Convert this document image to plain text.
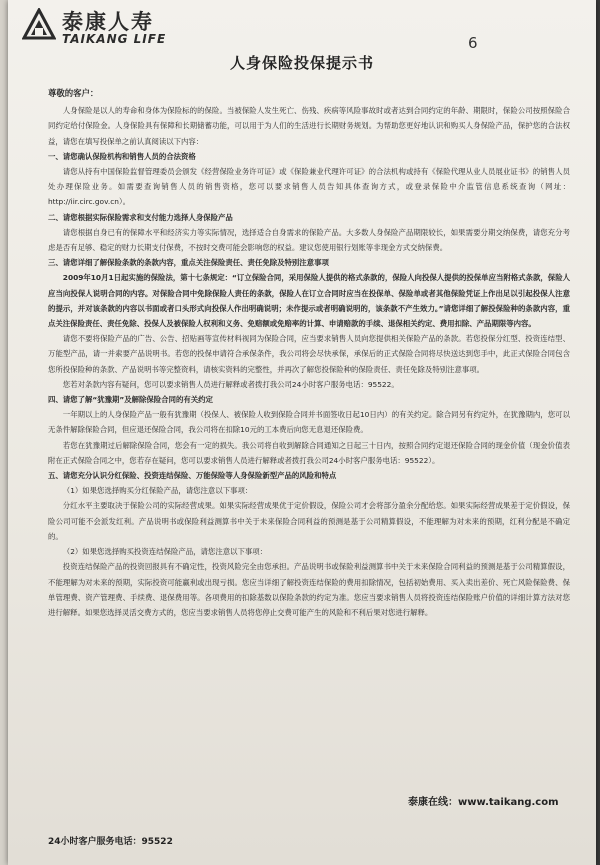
泰康人寿
TAIKANG LIFE	6
人身保险投保提示书

尊敬的客户：

人身保险是以人的寿命和身体为保险标的的保险。当被保险人发生死亡、伤残、疾病等风险事故时或者达到合同约定的年龄、期限时，保险公司按照保险合同约定给付保险金。人身保险具有保障和长期储蓄功能，可以用于为人们的生活进行长期财务规划。为帮助您更好地认识和购买人身保险产品，保护您的合法权益，请您在填写投保单之前认真阅读以下内容：

一、请您确认保险机构和销售人员的合法资格

请您从持有中国保险监督管理委员会颁发《经营保险业务许可证》或《保险兼业代理许可证》的合法机构或持有《保险代理从业人员展业证书》的销售人员处办理保险业务。如需要查询销售人员的销售资格，您可以要求销售人员告知具体查询方式，或登录保险中介监管信息系统查询（网址：http://iir.circ.gov.cn）。

二、请您根据实际保险需求和支付能力选择人身保险产品

请您根据自身已有的保障水平和经济实力等实际情况，选择适合自身需求的保险产品。大多数人身保险产品期限较长，如果需要分期交纳保费，请您充分考虑是否有足够、稳定的财力长期支付保费，不按时交费可能会影响您的权益。建议您使用银行划账等非现金方式交纳保费。

三、请您详细了解保险条款的条款内容，重点关注保险责任、责任免除及特别注意事项

2009年10月1日起实施的保险法，第十七条规定：“订立保险合同，采用保险人提供的格式条款的，保险人向投保人提供的投保单应当附格式条款，保险人应当向投保人说明合同的内容。对保险合同中免除保险人责任的条款，保险人在订立合同时应当在投保单、保险单或者其他保险凭证上作出足以引起投保人注意的提示，并对该条款的内容以书面或者口头形式向投保人作出明确说明；未作提示或者明确说明的，该条款不产生效力。”请您详细了解投保险种的条款内容，重点关注保险责任、责任免除、投保人及被保险人权利和义务、免赔额或免赔率的计算、申请赔款的手续、退保相关约定、费用扣除、产品期限等内容。

请您不要将保险产品的广告、公告、招贴画等宣传材料视同为保险合同，应当要求销售人员向您提供相关保险产品的条款。若您投保分红型、投资连结型、万能型产品，请一并索要产品说明书。若您的投保申请符合承保条件，我公司将会尽快承保，承保后的正式保险合同将尽快送达到您手中，此正式保险合同包含您所投保险种的条款、产品说明书等完整资料，请核实资料的完整性，并再次了解您投保险种的保险责任、责任免除及特别注意事项。

您若对条款内容有疑问，您可以要求销售人员进行解释或者拨打我公司24小时客户服务电话：95522。

四、请您了解“犹豫期”及解除保险合同的有关约定

一年期以上的人身保险产品一般有犹豫期（投保人、被保险人收到保险合同并书面签收日起10日内）的有关约定。除合同另有约定外，在犹豫期内，您可以无条件解除保险合同，但应退还保险合同，我公司将在扣除10元的工本费后向您无息退还保险费。

若您在犹豫期过后解除保险合同，您会有一定的损失。我公司将自收到解除合同通知之日起三十日内，按照合同约定退还保险合同的现金价值（现金价值表附在正式保险合同之中，您若存在疑问，您可以要求销售人员进行解释或者拨打我公司24小时客户服务电话：95522）。

五、请您充分认识分红保险、投资连结保险、万能保险等人身保险新型产品的风险和特点

（1）如果您选择购买分红保险产品，请您注意以下事项：

分红水平主要取决于保险公司的实际经营成果。如果实际经营成果优于定价假设，保险公司才会将部分盈余分配给您。如果实际经营成果差于定价假设，保险公司可能不会派发红利。产品说明书或保险利益测算书中关于未来保险合同利益的预测是基于公司精算假设，不能理解为对未来的预期，红利分配是不确定的。

（2）如果您选择购买投资连结保险产品，请您注意以下事项：

投资连结保险产品的投资回报具有不确定性，投资风险完全由您承担。产品说明书或保险利益测算书中关于未来保险合同利益的预测是基于公司精算假设，不能理解为对未来的预期，实际投资可能赢利或出现亏损。您应当详细了解投资连结保险的费用扣除情况，包括初始费用、买入卖出差价、死亡风险保险费、保单管理费、资产管理费、手续费、退保费用等。各项费用的扣除基数以保险条款的约定为准。您应当要求销售人员将投资连结保险账户价值的详细计算方法对您进行解释。如果您选择灵活交费方式的，您应当要求销售人员将您停止交费可能产生的风险和不利后果对您进行解释。

泰康在线：www.taikang.com
24小时客户服务电话：95522
